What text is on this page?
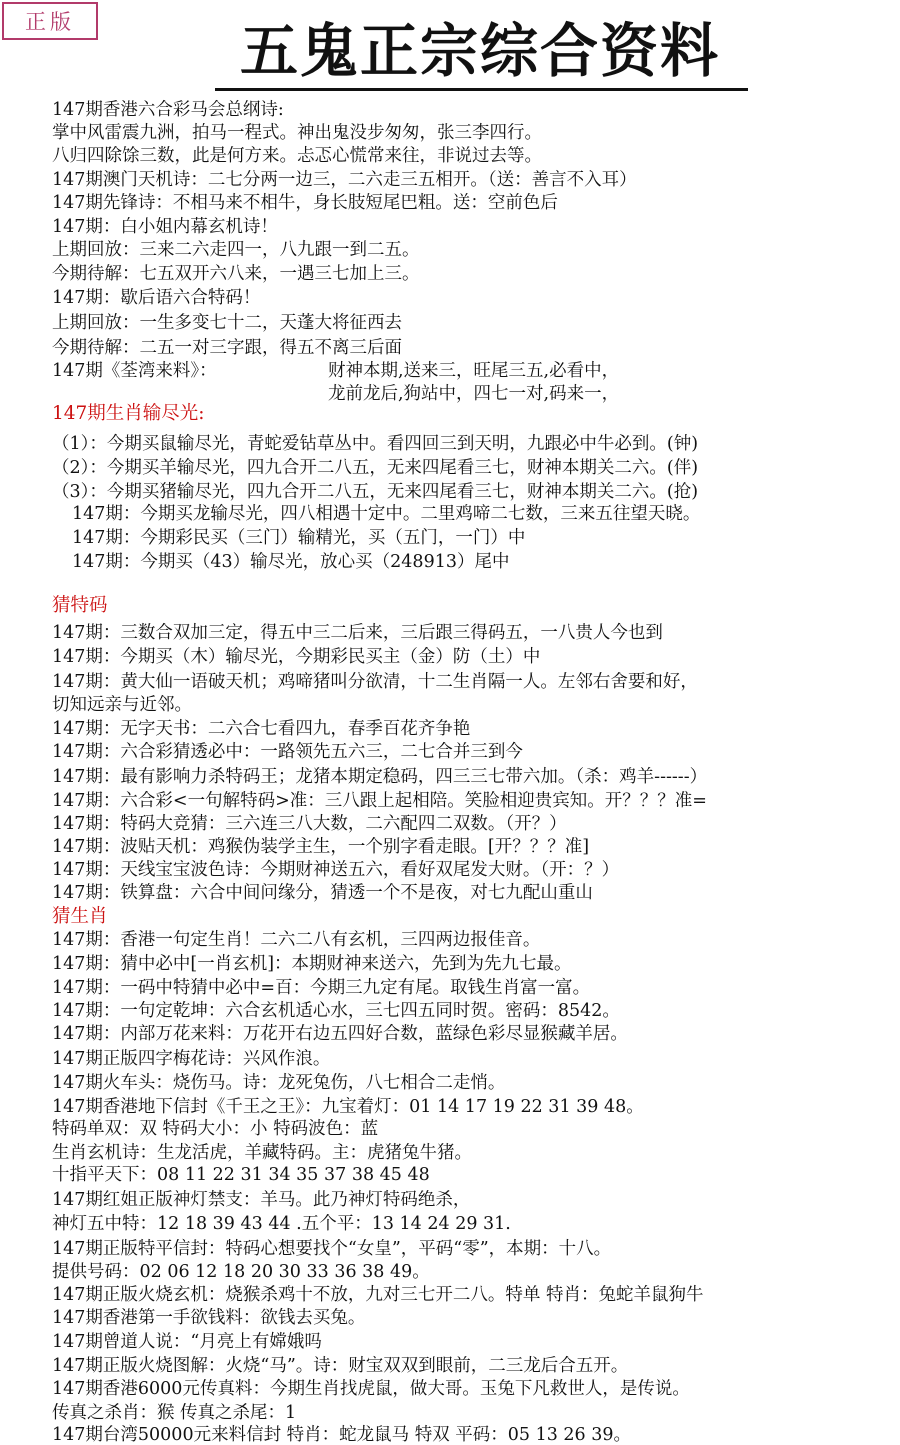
正版	五鬼正宗综合资料
147期香港六合彩马会总纲诗:
掌中风雷震九洲，拍马一程式。神出鬼没步匆匆，张三李四行。
八归四除馀三数，此是何方来。忐忑心慌常来往，非说过去等。
147期澳门天机诗：二七分两一边三，二六走三五相开。（送：善言不入耳）
147期先锋诗：不相马来不相牛，身长肢短尾巴粗。送：空前色后
147期：白小姐内幕玄机诗！
上期回放：三来二六走四一，八九跟一到二五。
今期待解：七五双开六八来，一遇三七加上三。
147期：歇后语六合特码！
上期回放：一生多变七十二，天蓬大将征西去
今期待解：二五一对三字跟，得五不离三后面
147期《荃湾来料》：	财神本期,送来三，旺尾三五,必看中，
龙前龙后,狗站中，四七一对,码来一，
147期生肖输尽光:
（1）：今期买鼠输尽光，青蛇爱钻草丛中。看四回三到天明，九跟必中牛必到。(钟)
（2）：今期买羊输尽光，四九合开二八五，无来四尾看三七，财神本期关二六。(伴)
（3）：今期买猪输尽光，四九合开二八五，无来四尾看三七，财神本期关二六。(抢)
147期：今期买龙输尽光，四八相遇十定中。二里鸡啼二七数，三来五往望天晓。
147期：今期彩民买（三门）输精光，买（五门，一门）中
147期：今期买（43）输尽光，放心买（248913）尾中
猜特码
147期：三数合双加三定，得五中三二后来，三后跟三得码五，一八贵人今也到
147期：今期买（木）输尽光，今期彩民买主（金）防（土）中
147期：黄大仙一语破天机；鸡啼猪叫分欲清，十二生肖隔一人。左邻右舍要和好，
切知远亲与近邻。
147期：无字天书：二六合七看四九，春季百花齐争艳
147期：六合彩猜透必中：一路领先五六三，二七合并三到今
147期：最有影响力杀特码王；龙猪本期定稳码，四三三七带六加。（杀：鸡羊------）
147期：六合彩<一句解特码>准：三八跟上起相陪。笑脸相迎贵宾知。开？？？准=
147期：特码大竞猜：三六连三八大数，二六配四二双数。（开？）
147期：波贴天机：鸡猴伪装学主生，一个别字看走眼。[开？？？准]
147期：天线宝宝波色诗：今期财神送五六，看好双尾发大财。（开：？）
147期：铁算盘：六合中间问缘分，猜透一个不是夜，对七九配山重山
猜生肖
147期：香港一句定生肖！二六二八有玄机，三四两边报佳音。
147期：猜中必中[一肖玄机]：本期财神来送六，先到为先九七最。
147期：一码中特猜中必中=百：今期三九定有尾。取钱生肖富一富。
147期：一句定乾坤：六合玄机适心水，三七四五同时贺。密码：8542。
147期：内部万花来料：万花开右边五四好合数，蓝绿色彩尽显猴藏羊居。
147期正版四字梅花诗：兴风作浪。
147期火车头：烧伤马。诗：龙死兔伤，八七相合二走悄。
147期香港地下信封《千王之王》：九宝着灯：01 14 17 19 22 31 39 48。
特码单双：双 特码大小：小 特码波色：蓝
生肖玄机诗：生龙活虎，羊藏特码。主：虎猪兔牛猪。
十指平天下：08 11 22 31 34 35 37 38 45 48
147期红姐正版神灯禁支：羊马。此乃神灯特码绝杀，
神灯五中特：12 18 39 43 44 .五个平：13 14 24 29 31.
147期正版特平信封：特码心想要找个“女皇”，平码“零”，本期：十八。
提供号码：02 06 12 18 20 30 33 36 38 49。
147期正版火烧玄机：烧猴杀鸡十不放，九对三七开二八。特单 特肖：兔蛇羊鼠狗牛
147期香港第一手欲钱料：欲钱去买兔。
147期曾道人说：“月亮上有嫦娥吗
147期正版火烧图解：火烧“马”。诗：财宝双双到眼前，二三龙后合五开。
147期香港6000元传真料：今期生肖找虎鼠，做大哥。玉兔下凡救世人，是传说。
传真之杀肖：猴 传真之杀尾：1
147期台湾50000元来料信封 特肖：蛇龙鼠马 特双 平码：05 13 26 39。
